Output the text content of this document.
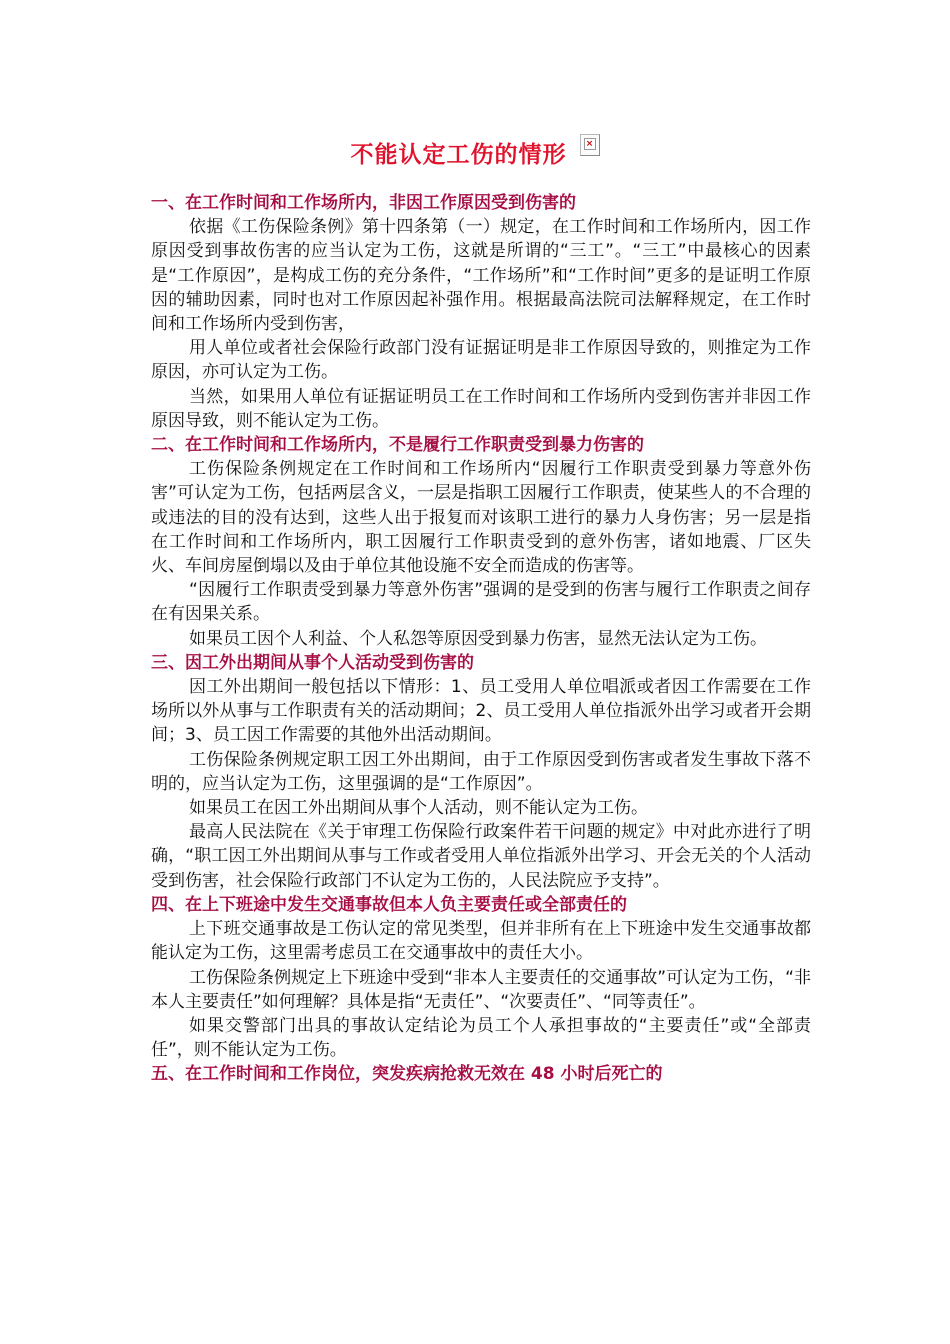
不能认定工伤的情形 ×
一、在工作时间和工作场所内，非因工作原因受到伤害的

依据《工伤保险条例》第十四条第（一）规定，在工作时间和工作场所内，因工作原因受到事故伤害的应当认定为工伤，这就是所谓的“三工”。“三工”中最核心的因素是“工作原因”，是构成工伤的充分条件，“工作场所”和“工作时间”更多的是证明工作原因的辅助因素，同时也对工作原因起补强作用。根据最高法院司法解释规定，在工作时间和工作场所内受到伤害，

用人单位或者社会保险行政部门没有证据证明是非工作原因导致的，则推定为工作原因，亦可认定为工伤。

当然，如果用人单位有证据证明员工在工作时间和工作场所内受到伤害并非因工作原因导致，则不能认定为工伤。

二、在工作时间和工作场所内，不是履行工作职责受到暴力伤害的

工伤保险条例规定在工作时间和工作场所内“因履行工作职责受到暴力等意外伤害”可认定为工伤，包括两层含义，一层是指职工因履行工作职责，使某些人的不合理的或违法的目的没有达到，这些人出于报复而对该职工进行的暴力人身伤害；另一层是指在工作时间和工作场所内，职工因履行工作职责受到的意外伤害，诸如地震、厂区失火、车间房屋倒塌以及由于单位其他设施不安全而造成的伤害等。

“因履行工作职责受到暴力等意外伤害”强调的是受到的伤害与履行工作职责之间存在有因果关系。

如果员工因个人利益、个人私怨等原因受到暴力伤害，显然无法认定为工伤。

三、因工外出期间从事个人活动受到伤害的

因工外出期间一般包括以下情形：1、员工受用人单位唱派或者因工作需要在工作场所以外从事与工作职责有关的活动期间；2、员工受用人单位指派外出学习或者开会期间；3、员工因工作需要的其他外出活动期间。

工伤保险条例规定职工因工外出期间，由于工作原因受到伤害或者发生事故下落不明的，应当认定为工伤，这里强调的是“工作原因”。

如果员工在因工外出期间从事个人活动，则不能认定为工伤。

最高人民法院在《关于审理工伤保险行政案件若干问题的规定》中对此亦进行了明确，“职工因工外出期间从事与工作或者受用人单位指派外出学习、开会无关的个人活动受到伤害，社会保险行政部门不认定为工伤的，人民法院应予支持”。

四、在上下班途中发生交通事故但本人负主要责任或全部责任的

上下班交通事故是工伤认定的常见类型，但并非所有在上下班途中发生交通事故都能认定为工伤，这里需考虑员工在交通事故中的责任大小。

工伤保险条例规定上下班途中受到“非本人主要责任的交通事故”可认定为工伤，“非本人主要责任”如何理解？具体是指“无责任”、“次要责任”、“同等责任”。

如果交警部门出具的事故认定结论为员工个人承担事故的“主要责任”或“全部责任”，则不能认定为工伤。

五、在工作时间和工作岗位，突发疾病抢救无效在 48 小时后死亡的
